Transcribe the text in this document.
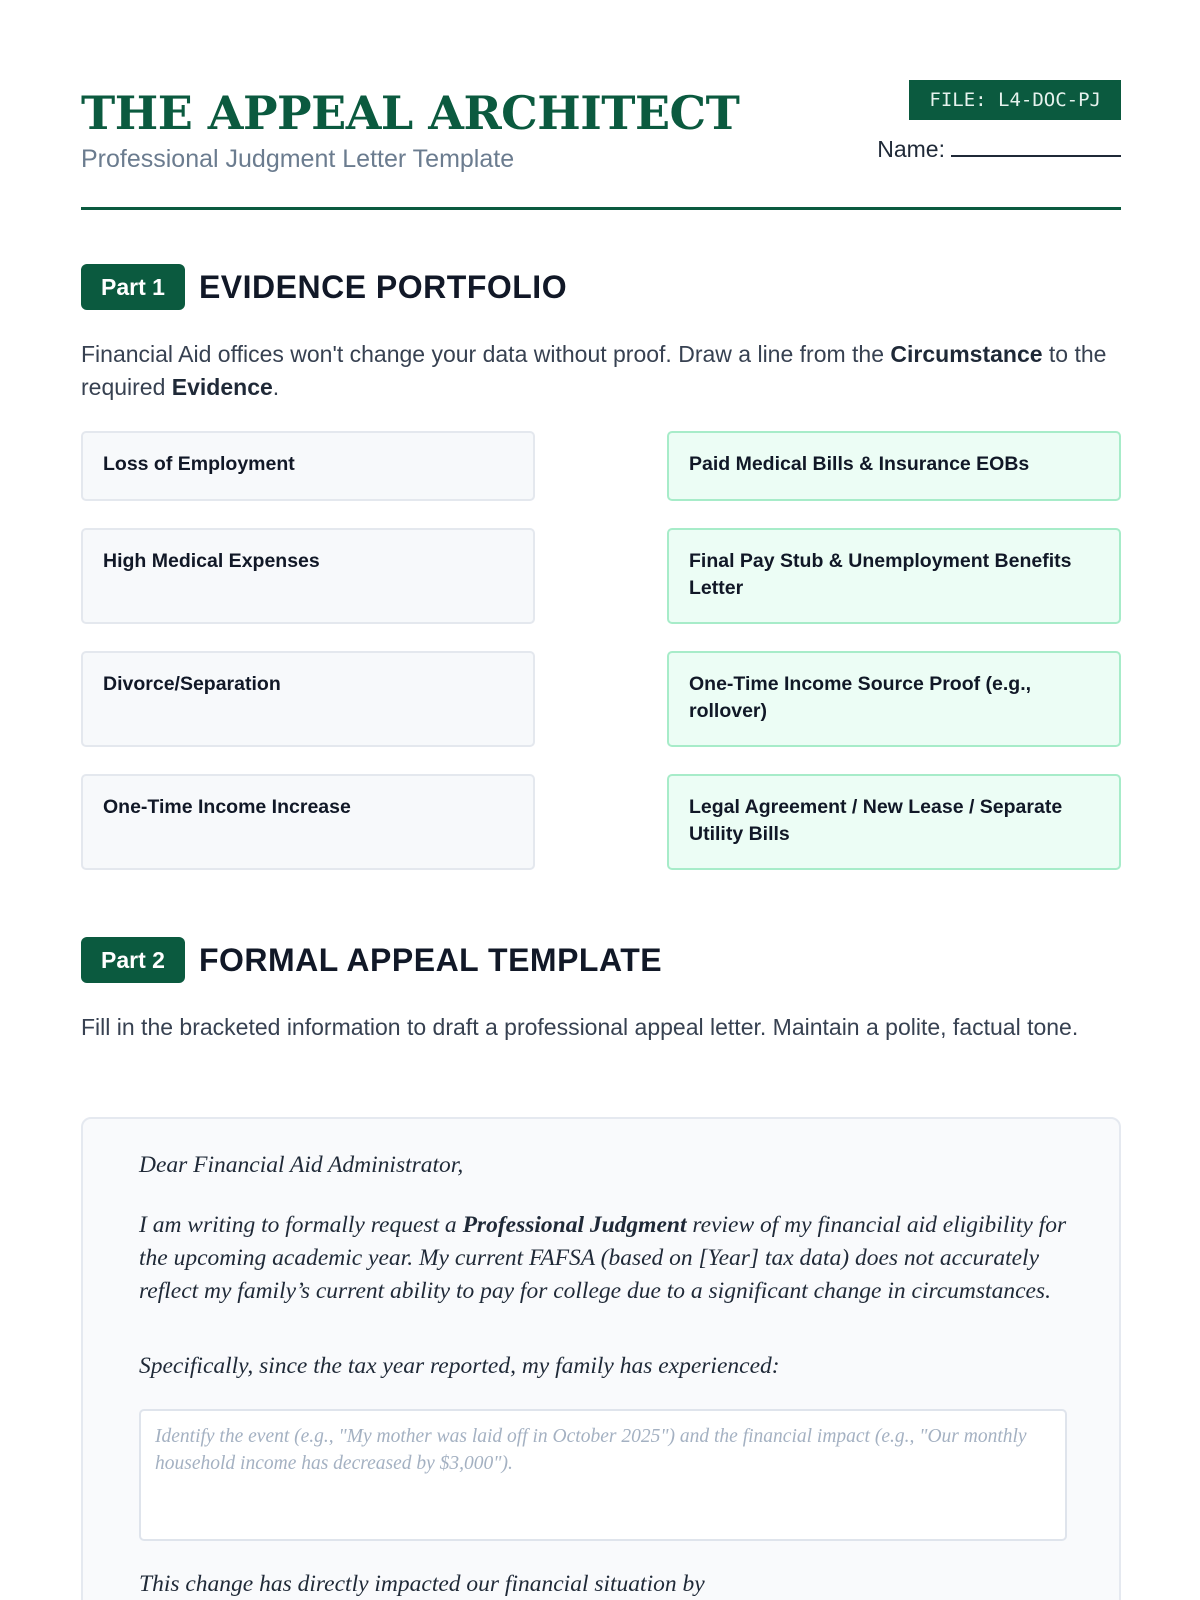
THE APPEAL ARCHITECT
Professional Judgment Letter Template
FILE: L4-DOC-PJ
Name:
Part 1	EVIDENCE PORTFOLIO

Financial Aid offices won't change your data without proof. Draw a line from the Circumstance to the required Evidence.

Loss of Employment
High Medical Expenses
Divorce/Separation
One-Time Income Increase
Paid Medical Bills & Insurance EOBs
Final Pay Stub & Unemployment Benefits Letter
One-Time Income Source Proof (e.g., rollover)
Legal Agreement / New Lease / Separate Utility Bills
Part 2	FORMAL APPEAL TEMPLATE

Fill in the bracketed information to draft a professional appeal letter. Maintain a polite, factual tone.

Dear Financial Aid Administrator,

I am writing to formally request a Professional Judgment review of my financial aid eligibility for the upcoming academic year. My current FAFSA (based on [Year] tax data) does not accurately reflect my family’s current ability to pay for college due to a significant change in circumstances.

Specifically, since the tax year reported, my family has experienced:

Identify the event (e.g., "My mother was laid off in October 2025") and the financial impact (e.g., "Our monthly household income has decreased by $3,000").

This change has directly impacted our financial situation by
